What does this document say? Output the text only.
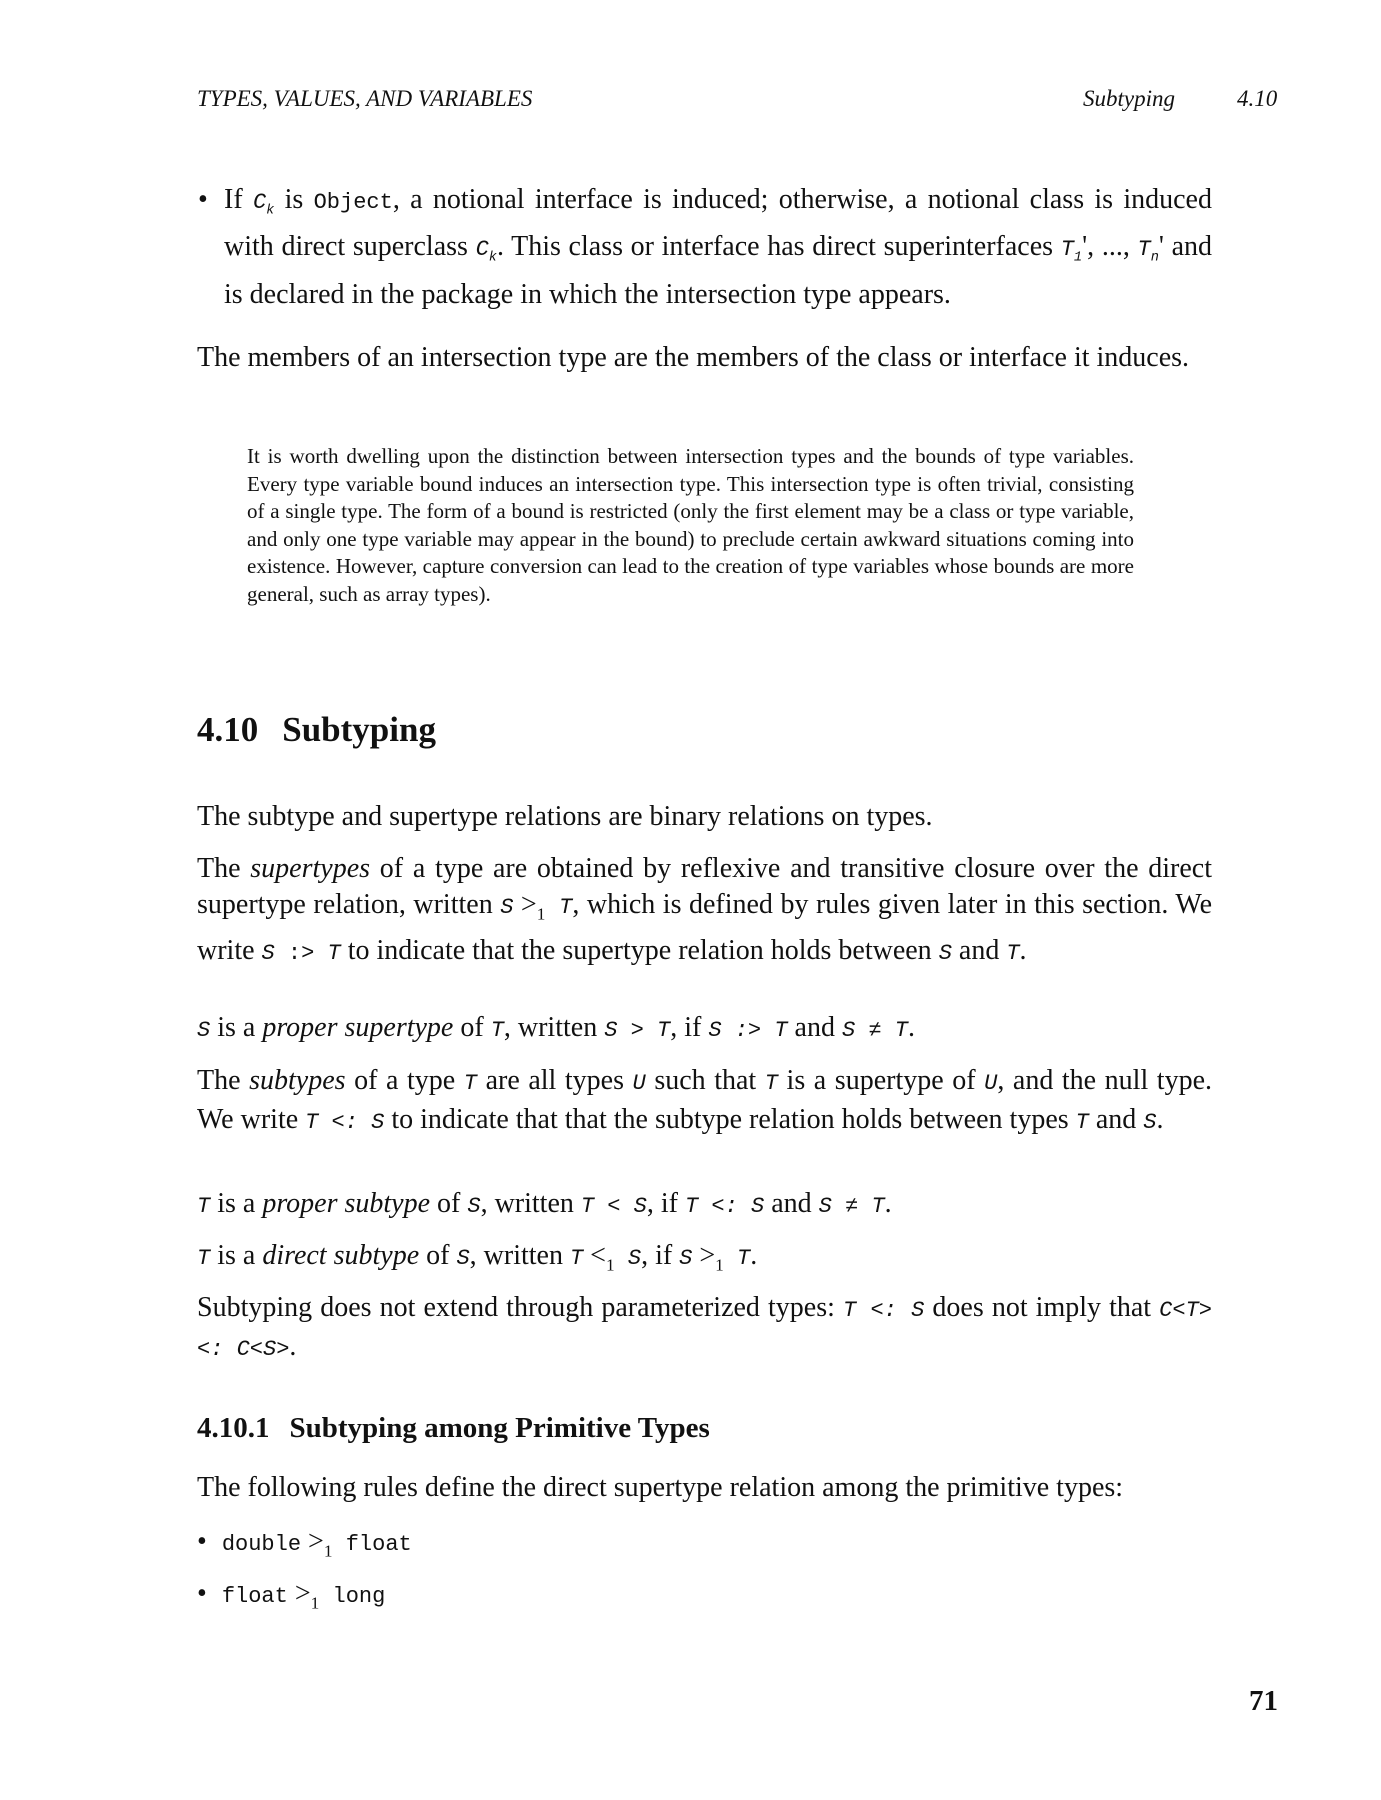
TYPES, VALUES, AND VARIABLES	Subtyping	4.10
• If $C_k$ is Object, a notional interface is induced; otherwise, a notional class is induced with direct superclass $C_k$. This class or interface has direct superinterfaces $T_1'$, ..., $T_n'$ and is declared in the package in which the intersection type appears.

The members of an intersection type are the members of the class or interface it induces.

It is worth dwelling upon the distinction between intersection types and the bounds of type variables. Every type variable bound induces an intersection type. This intersection type is often trivial, consisting of a single type. The form of a bound is restricted (only the first element may be a class or type variable, and only one type variable may appear in the bound) to preclude certain awkward situations coming into existence. However, capture conversion can lead to the creation of type variables whose bounds are more general, such as array types).

4.10 Subtyping

The subtype and supertype relations are binary relations on types.

The supertypes of a type are obtained by reflexive and transitive closure over the direct supertype relation, written $S >_1$ T, which is defined by rules given later in this section. We write S :> T to indicate that the supertype relation holds between S and T.

S is a proper supertype of T, written S > T, if S :> T and S ≠ T.

The subtypes of a type T are all types U such that T is a supertype of U, and the null type. We write T <: S to indicate that that the subtype relation holds between types T and S.

T is a proper subtype of S, written T < S, if T <: S and S ≠ T.

T is a direct subtype of S, written $T <_1$ S, if $S >_1$ T.

Subtyping does not extend through parameterized types: T <: S does not imply that C<T> <: C<S>.

4.10.1 Subtyping among Primitive Types

The following rules define the direct supertype relation among the primitive types:

• double $>_1$ float
• float $>_1$ long
71
